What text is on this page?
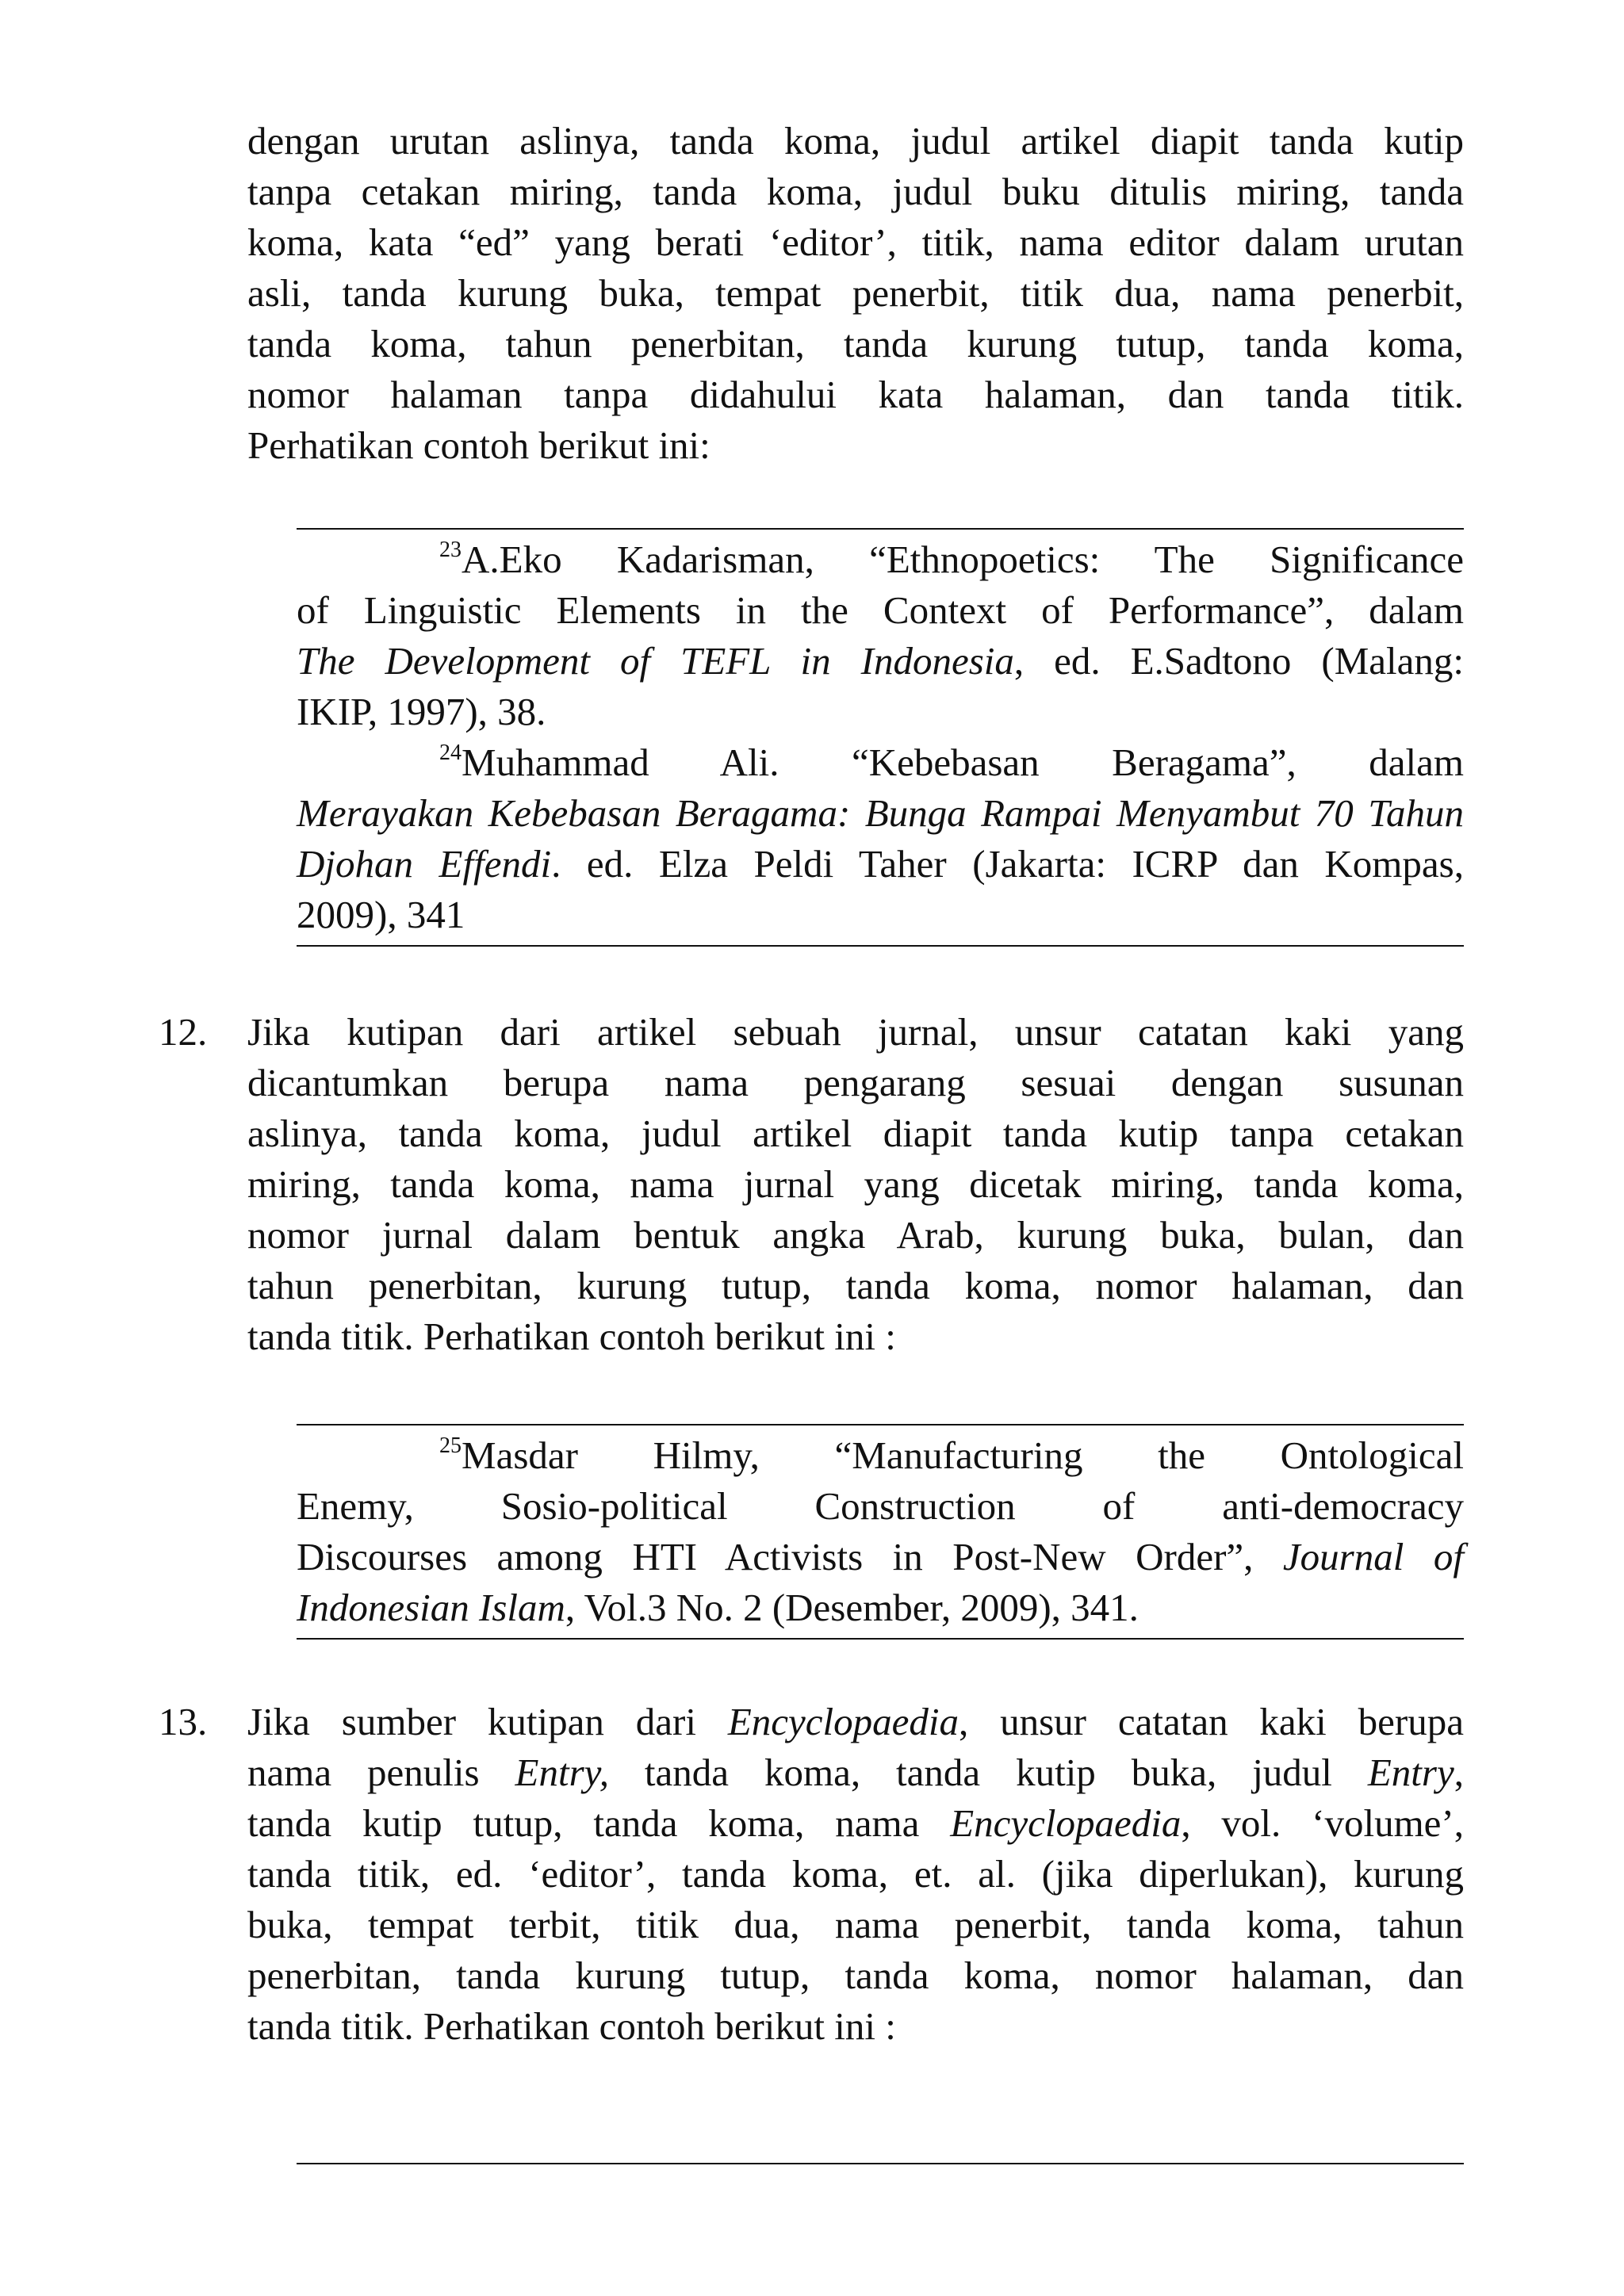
dengan urutan aslinya, tanda koma, judul artikel diapit tanda kutip
tanpa cetakan miring, tanda koma, judul buku ditulis miring, tanda
koma, kata “ed” yang berati ‘editor’, titik, nama editor dalam urutan
asli, tanda kurung buka, tempat penerbit, titik dua, nama penerbit,
tanda koma, tahun penerbitan, tanda kurung tutup, tanda koma,
nomor halaman tanpa didahului kata halaman, dan tanda titik.
Perhatikan contoh berikut ini:
$^{23}$A.Eko Kadarisman, “Ethnopoetics: The Significance
of Linguistic Elements in the Context of Performance”, dalam
The Development of TEFL in Indonesia, ed. E.Sadtono (Malang:
IKIP, 1997), 38.
$^{24}$Muhammad Ali. “Kebebasan Beragama”, dalam
Merayakan Kebebasan Beragama: Bunga Rampai Menyambut 70 Tahun
Djohan Effendi. ed. Elza Peldi Taher (Jakarta: ICRP dan Kompas,
2009), 341
12. Jika kutipan dari artikel sebuah jurnal, unsur catatan kaki yang
dicantumkan berupa nama pengarang sesuai dengan susunan
aslinya, tanda koma, judul artikel diapit tanda kutip tanpa cetakan
miring, tanda koma, nama jurnal yang dicetak miring, tanda koma,
nomor jurnal dalam bentuk angka Arab, kurung buka, bulan, dan
tahun penerbitan, kurung tutup, tanda koma, nomor halaman, dan
tanda titik. Perhatikan contoh berikut ini :
$^{25}$Masdar Hilmy, “Manufacturing the Ontological
Enemy, Sosio-political Construction of anti-democracy
Discourses among HTI Activists in Post-New Order”, Journal of
Indonesian Islam, Vol.3 No. 2 (Desember, 2009), 341.
13. Jika sumber kutipan dari Encyclopaedia, unsur catatan kaki berupa
nama penulis Entry, tanda koma, tanda kutip buka, judul Entry,
tanda kutip tutup, tanda koma, nama Encyclopaedia, vol. ‘volume’,
tanda titik, ed. ‘editor’, tanda koma, et. al. (jika diperlukan), kurung
buka, tempat terbit, titik dua, nama penerbit, tanda koma, tahun
penerbitan, tanda kurung tutup, tanda koma, nomor halaman, dan
tanda titik. Perhatikan contoh berikut ini :
